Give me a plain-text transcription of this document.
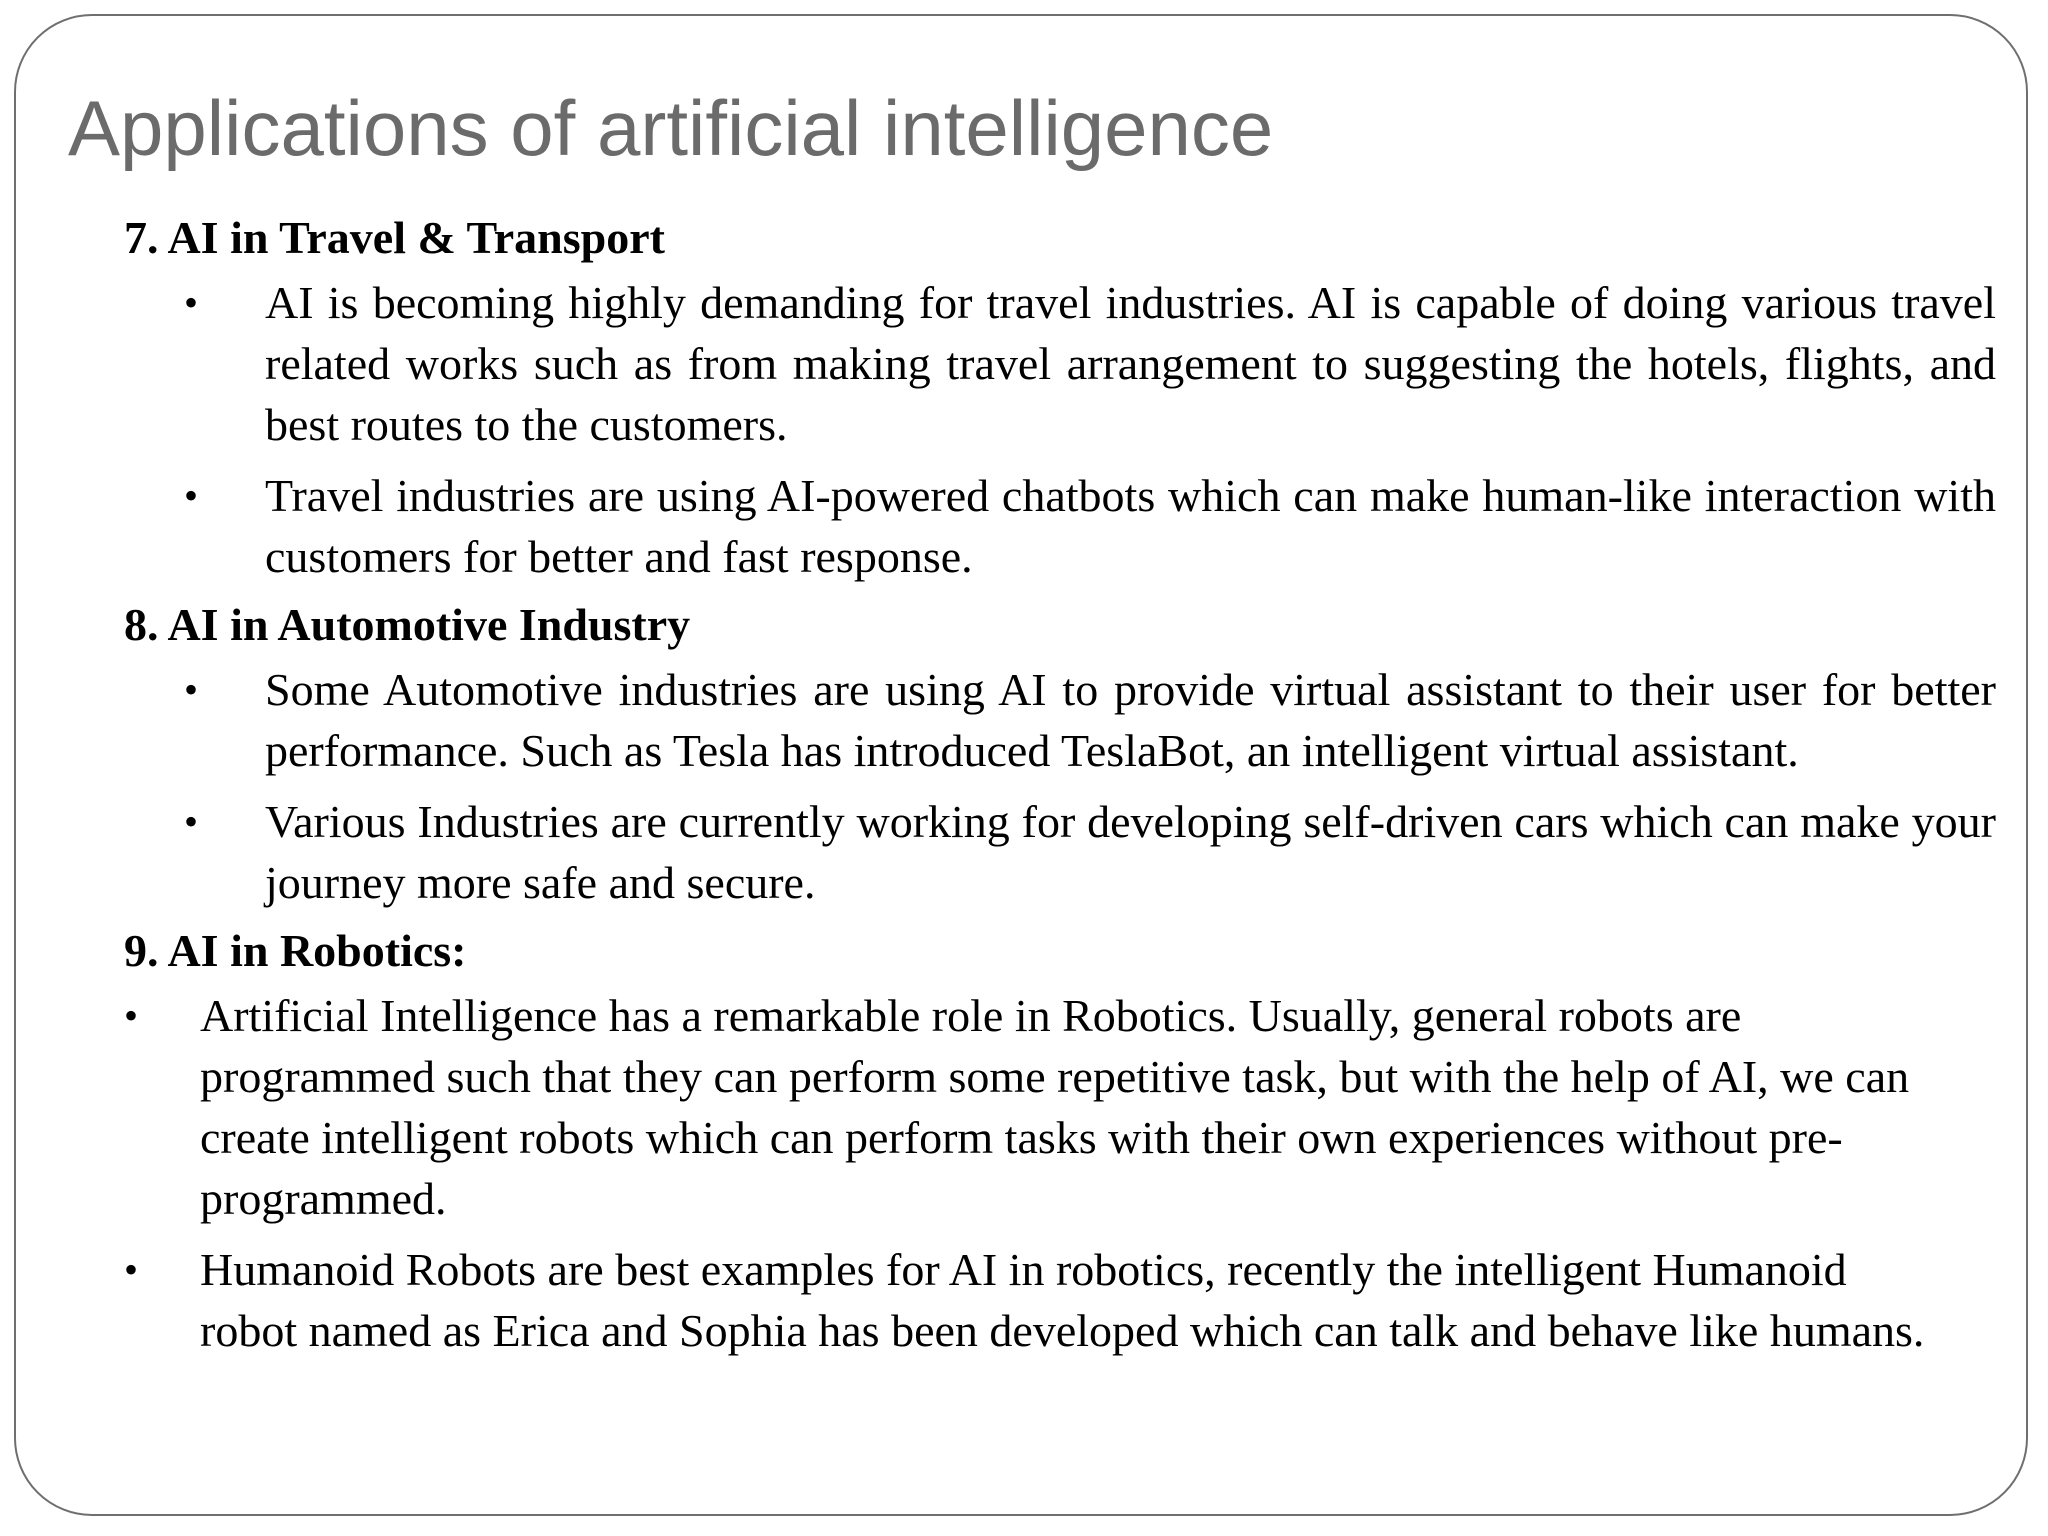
Applications of artificial intelligence
7. AI in Travel & Transport
• AI is becoming highly demanding for travel industries. AI is capable of doing various travel related works such as from making travel arrangement to suggesting the hotels, flights, and best routes to the customers.
• Travel industries are using AI-powered chatbots which can make human-like interaction with customers for better and fast response.
8. AI in Automotive Industry
• Some Automotive industries are using AI to provide virtual assistant to their user for better performance. Such as Tesla has introduced TeslaBot, an intelligent virtual assistant.
• Various Industries are currently working for developing self-driven cars which can make your journey more safe and secure.
9. AI in Robotics:
• Artificial Intelligence has a remarkable role in Robotics. Usually, general robots are programmed such that they can perform some repetitive task, but with the help of AI, we can create intelligent robots which can perform tasks with their own experiences without pre-programmed.
• Humanoid Robots are best examples for AI in robotics, recently the intelligent Humanoid robot named as Erica and Sophia has been developed which can talk and behave like humans.
